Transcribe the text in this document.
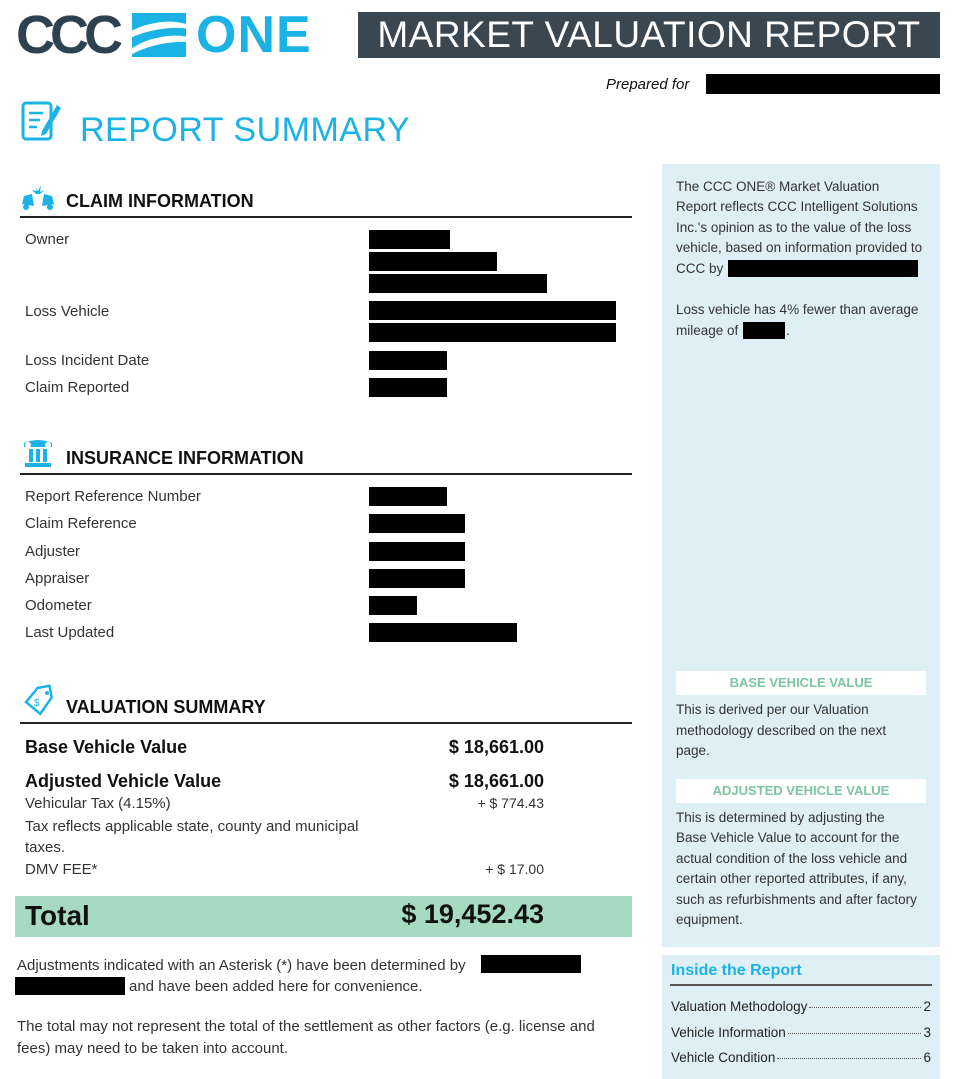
CCC ONE	MARKET VALUATION REPORT
Prepared for
REPORT SUMMARY
CLAIM INFORMATION
Owner
Loss Vehicle
Loss Incident Date
Claim Reported
INSURANCE INFORMATION
Report Reference Number
Claim Reference
Adjuster
Appraiser
Odometer
Last Updated
$ VALUATION SUMMARY
Base Vehicle Value	$ 18,661.00
Adjusted Vehicle Value	$ 18,661.00
Vehicular Tax (4.15%)	+ $ 774.43
Tax reflects applicable state, county and municipal
taxes.
DMV FEE*	+ $ 17.00
Total	$ 19,452.43
Adjustments indicated with an Asterisk (*) have been determined by
and have been added here for convenience.
The total may not represent the total of the settlement as other factors (e.g. license and
fees) may need to be taken into account.
The CCC ONE® Market Valuation
Report reflects CCC Intelligent Solutions
Inc.'s opinion as to the value of the loss
vehicle, based on information provided to
CCC by
Loss vehicle has 4% fewer than average
mileage of	.
BASE VEHICLE VALUE
This is derived per our Valuation
methodology described on the next
page.
ADJUSTED VEHICLE VALUE
This is determined by adjusting the
Base Vehicle Value to account for the
actual condition of the loss vehicle and
certain other reported attributes, if any,
such as refurbishments and after factory
equipment.
Inside the Report
Valuation Methodology	2
Vehicle Information	3
Vehicle Condition	6
